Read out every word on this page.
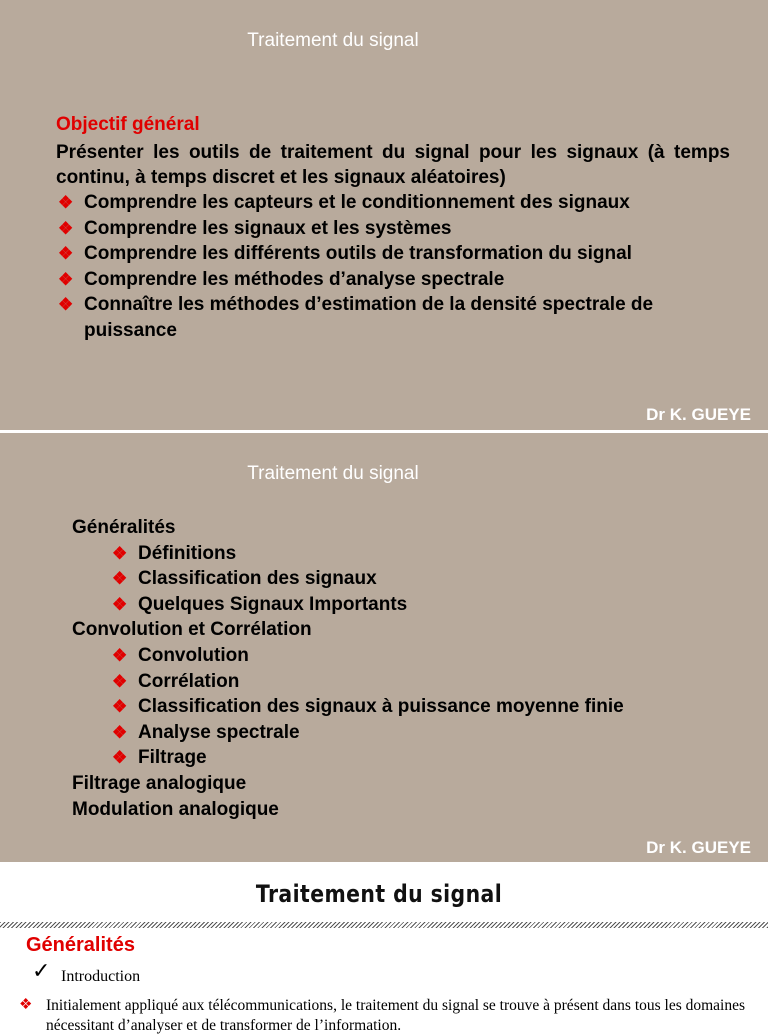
Traitement du signal
Objectif général

Présenter les outils de traitement du signal pour les signaux (à temps continu, à temps discret et les signaux aléatoires)

❖ Comprendre les capteurs et le conditionnement des signaux
❖ Comprendre les signaux et les systèmes
❖ Comprendre les différents outils de transformation du signal
❖ Comprendre les méthodes d’analyse spectrale
❖ Connaître les méthodes d’estimation de la densité spectrale de puissance
Dr K. GUEYE
Traitement du signal
Généralités
❖ Définitions
❖ Classification des signaux
❖ Quelques Signaux Importants
Convolution et Corrélation
❖ Convolution
❖ Corrélation
❖ Classification des signaux à puissance moyenne finie
❖ Analyse spectrale
❖ Filtrage
Filtrage analogique
Modulation analogique
Dr K. GUEYE
Traitement du signal
Généralités
✓ Introduction
❖ Initialement appliqué aux télécommunications, le traitement du signal se trouve à présent dans tous les domaines nécessitant d’analyser et de transformer de l’information.
